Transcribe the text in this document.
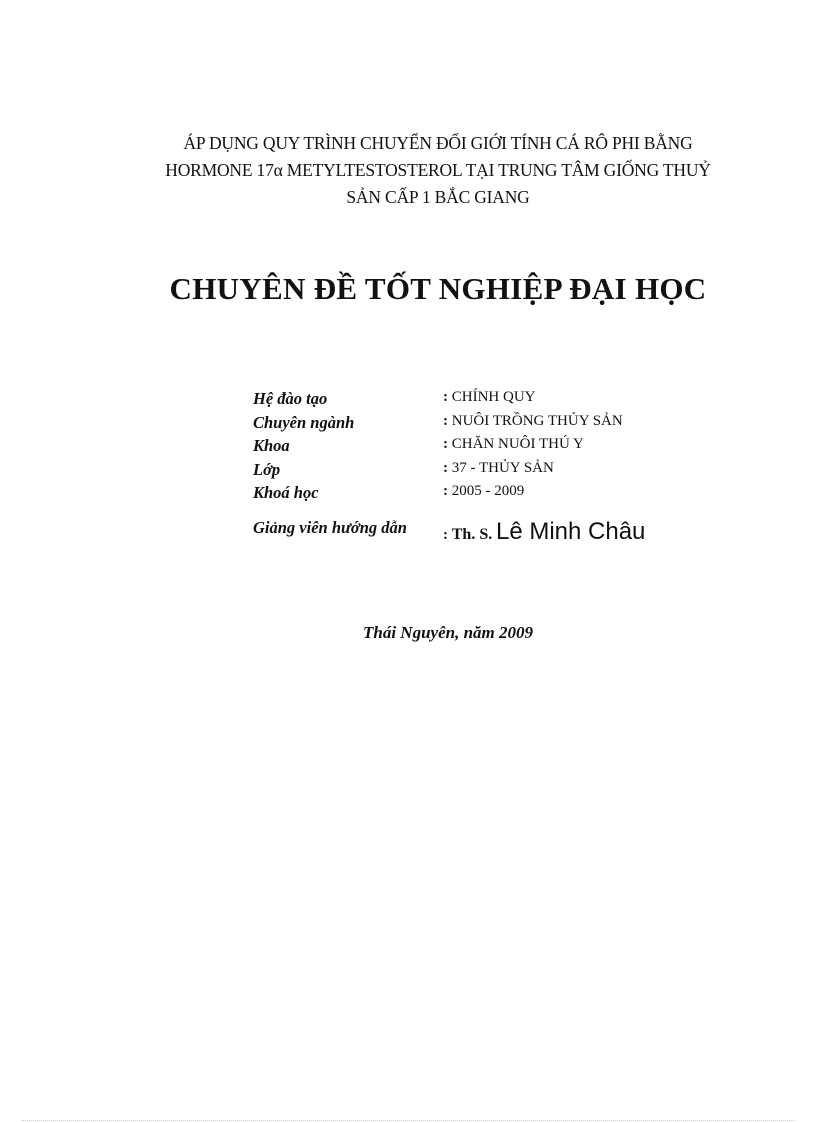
ÁP DỤNG QUY TRÌNH CHUYỂN ĐỔI GIỚI TÍNH CÁ RÔ PHI BẰNG
HORMONE 17α METYLTESTOSTEROL TẠI TRUNG TÂM GIỐNG THUỶ
SẢN CẤP 1 BẮC GIANG
CHUYÊN ĐỀ TỐT NGHIỆP ĐẠI HỌC
Hệ đào tạo	: CHÍNH QUY
Chuyên ngành	: NUÔI TRỒNG THỦY SẢN
Khoa	: CHĂN NUÔI THÚ Y
Lớp	: 37 - THỦY SẢN
Khoá học	: 2005 - 2009
Giảng viên hướng dẫn : Th. S. Lê Minh Châu
Thái Nguyên, năm 2009
